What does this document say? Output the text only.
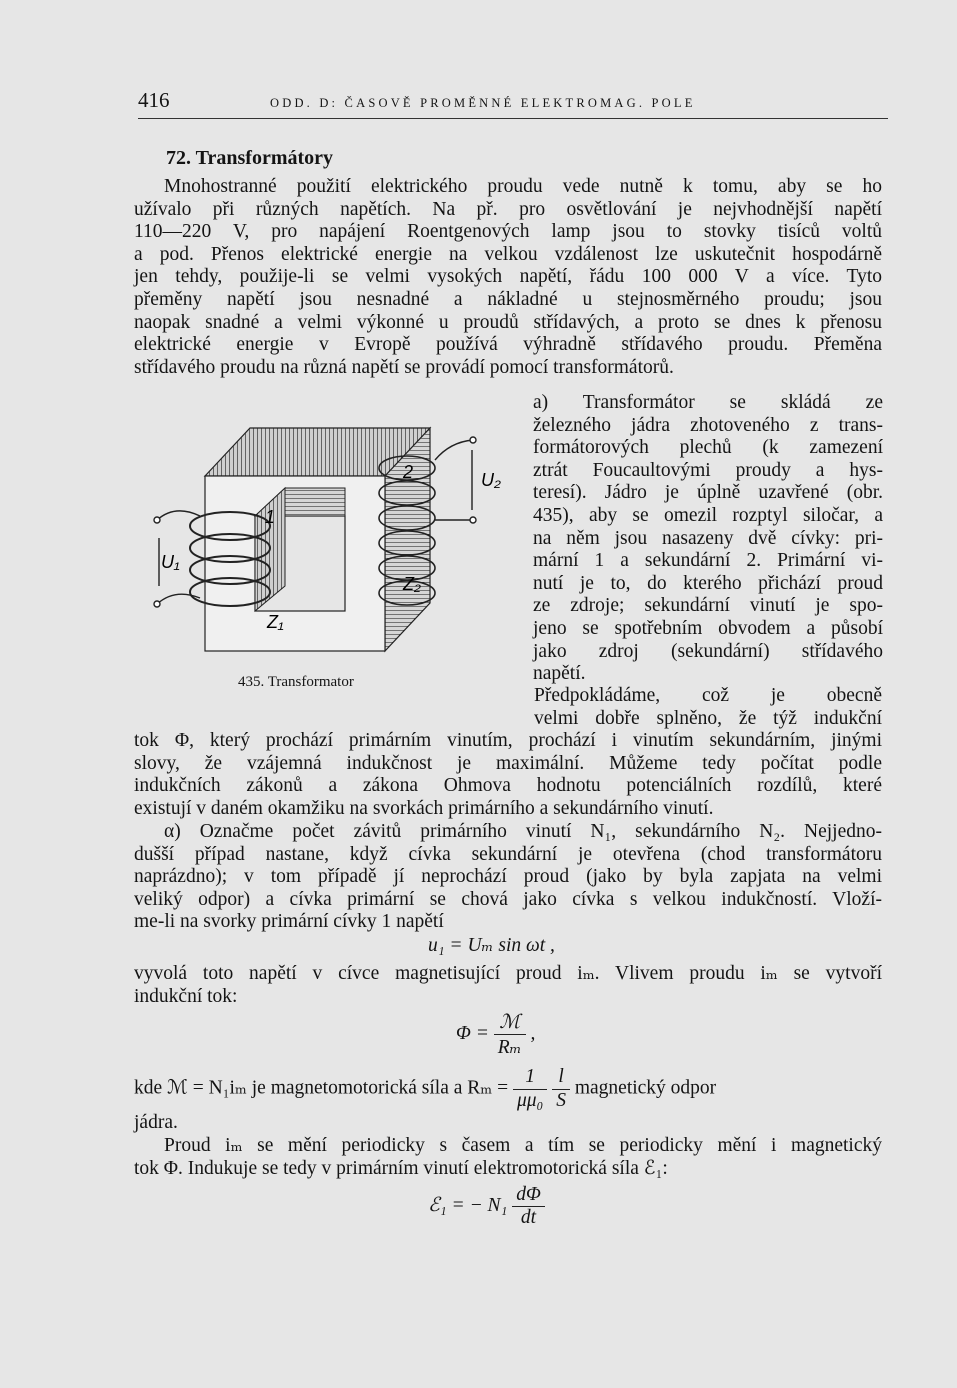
416	ODD. D: ČASOVĚ PROMĚNNÉ ELEKTROMAG. POLE
72. Transformátory
Mnohostranné použití elektrického proudu vede nutně k tomu, aby se ho
užívalo při různých napětích. Na př. pro osvětlování je nejvhodnější napětí
110—220 V, pro napájení Roentgenových lamp jsou to stovky tisíců voltů
a pod. Přenos elektrické energie na velkou vzdálenost lze uskutečnit hospodárně
jen tehdy, použije-li se velmi vysokých napětí, řádu 100 000 V a více. Tyto
přeměny napětí jsou nesnadné a nákladné u stejnosměrného proudu; jsou
naopak snadné a velmi výkonné u proudů střídavých, a proto se dnes k přenosu
elektrické energie v Evropě používá výhradně střídavého proudu. Přeměna
střídavého proudu na různá napětí se provádí pomocí transformátorů.
1
2
U₁
U₂
Z₁
Z₂
435. Transformator
a) Transformátor se skládá ze
železného jádra zhotoveného z trans-
formátorových plechů (k zamezení
ztrát Foucaultovými proudy a hys-
teresí). Jádro je úplně uzavřené (obr.
435), aby se omezil rozptyl siločar, a
na něm jsou nasazeny dvě cívky: pri-
mární 1 a sekundární 2. Primární vi-
nutí je to, do kterého přichází proud
ze zdroje; sekundární vinutí je spo-
jeno se spotřebním obvodem a působí
jako zdroj (sekundární) střídavého
napětí.
Předpokládáme, což je obecně
velmi dobře splněno, že týž indukční
tok Φ, který prochází primárním vinutím, prochází i vinutím sekundárním, jinými
slovy, že vzájemná indukčnost je maximální. Můžeme tedy počítat podle
indukčních zákonů a zákona Ohmova hodnotu potenciálních rozdílů, které
existují v daném okamžiku na svorkách primárního a sekundárního vinutí.
α) Označme počet závitů primárního vinutí N₁, sekundárního N₂. Nejjedno-
dušší případ nastane, když cívka sekundární je otevřena (chod transformátoru
naprázdno); v tom případě jí neprochází proud (jako by byla zapjata na velmi
veliký odpor) a cívka primární se chová jako cívka s velkou indukčností. Vloží-
me-li na svorky primární cívky 1 napětí
u₁ = Uₘ sin ωt ,
vyvolá toto napětí v cívce magnetisující proud iₘ. Vlivem proudu iₘ se vytvoří
indukční tok:
$\Phi = \frac{\text{ℳ}}{\text{Rₘ}}$ ,
kde ℳ = N₁iₘ je magnetomotorická síla a $R_m = \frac{1}{\text{μμ₀}}$
$\frac{l}{S}$ magnetický odpor
jádra.
Proud iₘ se mění periodicky s časem a tím se periodicky mění i magnetický
tok Φ. Indukuje se tedy v primárním vinutí elektromotorická síla ℰ₁:
ℰ₁ = − $N_1 \frac{d\Phi}{dt}$
